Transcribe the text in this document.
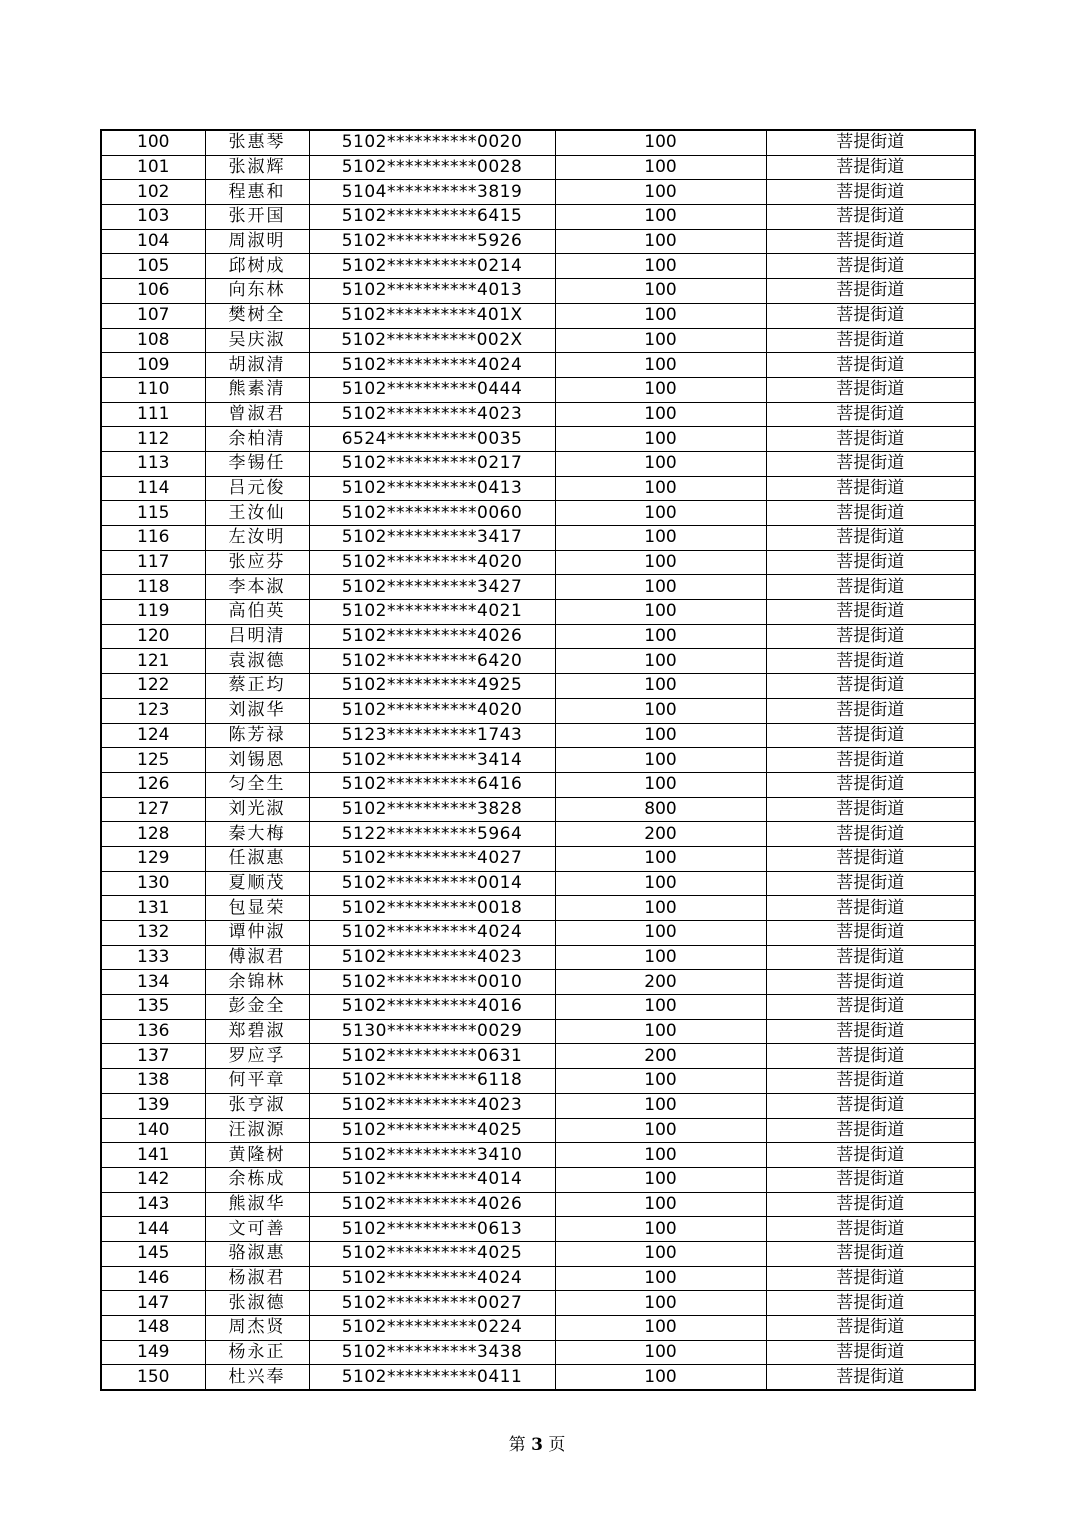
100	张惠琴	5102**********0020	100	菩提街道
101	张淑辉	5102**********0028	100	菩提街道
102	程惠和	5104**********3819	100	菩提街道
103	张开国	5102**********6415	100	菩提街道
104	周淑明	5102**********5926	100	菩提街道
105	邱树成	5102**********0214	100	菩提街道
106	向东林	5102**********4013	100	菩提街道
107	樊树全	5102**********401X	100	菩提街道
108	吴庆淑	5102**********002X	100	菩提街道
109	胡淑清	5102**********4024	100	菩提街道
110	熊素清	5102**********0444	100	菩提街道
111	曾淑君	5102**********4023	100	菩提街道
112	余柏清	6524**********0035	100	菩提街道
113	李锡任	5102**********0217	100	菩提街道
114	吕元俊	5102**********0413	100	菩提街道
115	王汝仙	5102**********0060	100	菩提街道
116	左汝明	5102**********3417	100	菩提街道
117	张应芬	5102**********4020	100	菩提街道
118	李本淑	5102**********3427	100	菩提街道
119	高伯英	5102**********4021	100	菩提街道
120	吕明清	5102**********4026	100	菩提街道
121	袁淑德	5102**********6420	100	菩提街道
122	蔡正均	5102**********4925	100	菩提街道
123	刘淑华	5102**********4020	100	菩提街道
124	陈芳禄	5123**********1743	100	菩提街道
125	刘锡恩	5102**********3414	100	菩提街道
126	匀全生	5102**********6416	100	菩提街道
127	刘光淑	5102**********3828	800	菩提街道
128	秦大梅	5122**********5964	200	菩提街道
129	任淑惠	5102**********4027	100	菩提街道
130	夏顺茂	5102**********0014	100	菩提街道
131	包显荣	5102**********0018	100	菩提街道
132	谭仲淑	5102**********4024	100	菩提街道
133	傅淑君	5102**********4023	100	菩提街道
134	余锦林	5102**********0010	200	菩提街道
135	彭金全	5102**********4016	100	菩提街道
136	郑碧淑	5130**********0029	100	菩提街道
137	罗应孚	5102**********0631	200	菩提街道
138	何平章	5102**********6118	100	菩提街道
139	张亨淑	5102**********4023	100	菩提街道
140	汪淑源	5102**********4025	100	菩提街道
141	黄隆树	5102**********3410	100	菩提街道
142	余栋成	5102**********4014	100	菩提街道
143	熊淑华	5102**********4026	100	菩提街道
144	文可善	5102**********0613	100	菩提街道
145	骆淑惠	5102**********4025	100	菩提街道
146	杨淑君	5102**********4024	100	菩提街道
147	张淑德	5102**********0027	100	菩提街道
148	周杰贤	5102**********0224	100	菩提街道
149	杨永正	5102**********3438	100	菩提街道
150	杜兴奉	5102**********0411	100	菩提街道
第 3 页
